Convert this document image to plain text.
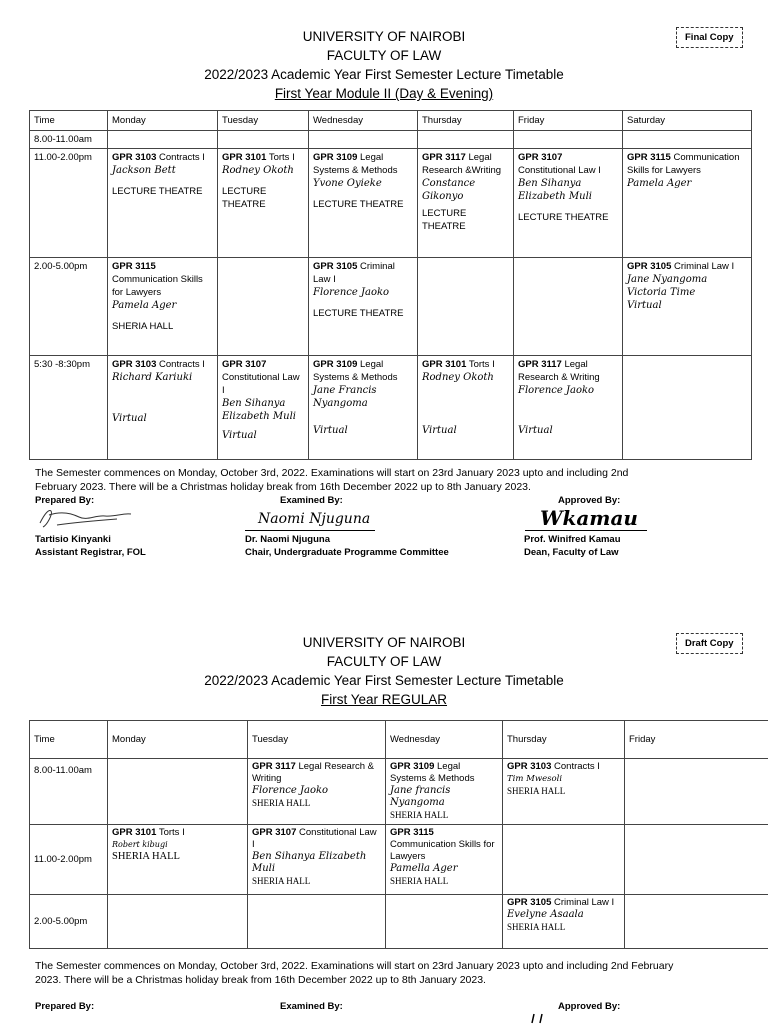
UNIVERSITY OF NAIROBI
FACULTY OF LAW
2022/2023 Academic Year First Semester Lecture Timetable
First Year Module II (Day & Evening)
Final Copy
Time	Monday	Tuesday	Wednesday	Thursday	Friday	Saturday
8.00-11.00am						
11.00-2.00pm	GPR 3103 Contracts I
Jackson Bett
LECTURE THEATRE	GPR 3101 Torts I
Rodney Okoth
LECTURE THEATRE	GPR 3109 Legal Systems & Methods
Yvone Oyieke
LECTURE THEATRE	GPR 3117 Legal Research &Writing
Constance Gikonyo
LECTURE THEATRE	GPR 3107 Constitutional Law I
Ben Sihanya Elizabeth Muli
LECTURE THEATRE	GPR 3115 Communication Skills for Lawyers
Pamela Ager

2.00-5.00pm	GPR 3115
Communication Skills for Lawyers
Pamela Ager
SHERIA HALL		GPR 3105 Criminal Law I
Florence Jaoko
LECTURE THEATRE			GPR 3105 Criminal Law I
Jane Nyangoma Victoria Time
Virtual

5:30 -8:30pm	GPR 3103 Contracts I
Richard Kariuki
Virtual	GPR 3107
Constitutional Law I
Ben Sihanya Elizabeth Muli
Virtual	GPR 3109 Legal Systems & Methods
Jane Francis Nyangoma
Virtual	GPR 3101 Torts I
Rodney Okoth
Virtual	GPR 3117 Legal Research & Writing
Florence Jaoko
Virtual	

The Semester commences on Monday, October 3rd, 2022. Examinations will start on 23rd January 2023 upto and including 2nd
February 2023. There will be a Christmas holiday break from 16th December 2022 up to 8th January 2023.
Prepared By:	Examined By:	Approved By:
Naomi Njuguna	Wkamau
Tartisio Kinyanki
Assistant Registrar, FOL
Dr. Naomi Njuguna
Chair, Undergraduate Programme Committee
Prof. Winifred Kamau
Dean, Faculty of Law
UNIVERSITY OF NAIROBI
FACULTY OF LAW
2022/2023 Academic Year First Semester Lecture Timetable
First Year REGULAR
Draft Copy
Time	Monday	Tuesday	Wednesday	Thursday	Friday
8.00-11.00am		GPR 3117 Legal Research & Writing
Florence Jaoko
SHERIA HALL	GPR 3109 Legal Systems & Methods
Jane francis Nyangoma
SHERIA HALL	GPR 3103 Contracts I
Tim Mwesoli
SHERIA HALL	

11.00-2.00pm	GPR 3101 Torts I
Robert kibugi
SHERIA HALL	GPR 3107 Constitutional Law I
Ben Sihanya Elizabeth Muli
SHERIA HALL	GPR 3115
Communication Skills for Lawyers
Pamella Ager
SHERIA HALL		

2.00-5.00pm				GPR 3105 Criminal Law I
Evelyne Asaala
SHERIA HALL	

The Semester commences on Monday, October 3rd, 2022. Examinations will start on 23rd January 2023 upto and including 2nd February
2023. There will be a Christmas holiday break from 16th December 2022 up to 8th January 2023.
Prepared By:	Examined By:	Approved By:
